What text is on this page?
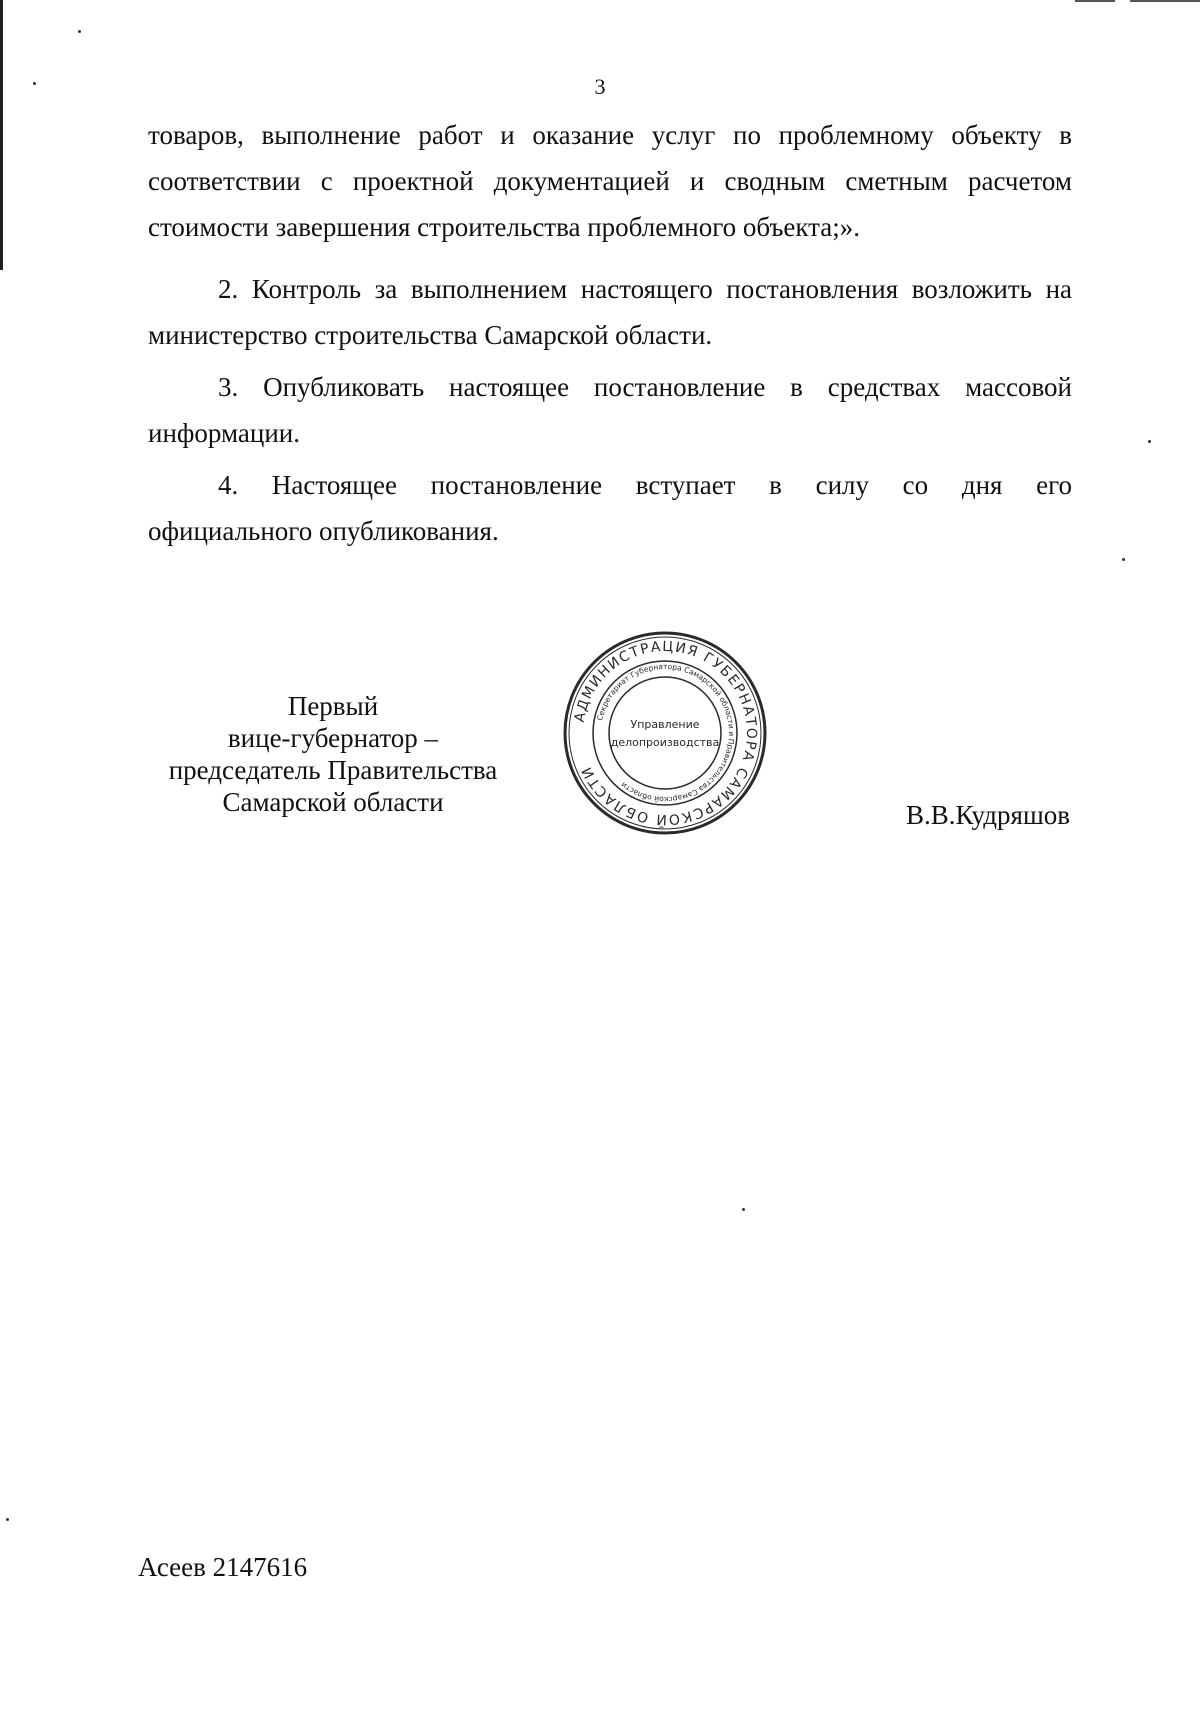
3
товаров, выполнение работ и оказание услуг по проблемному объекту в
соответствии с проектной документацией и сводным сметным расчетом
стоимости завершения строительства проблемного объекта;».
2. Контроль за выполнением настоящего постановления возложить на
министерство строительства Самарской области.
3. Опубликовать настоящее постановление в средствах массовой
информации.
4. Настоящее постановление вступает в силу со дня его
официального опубликования.
Первый
вице-губернатор –
председатель Правительства
Самарской области
АДМИНИСТРАЦИЯ ГУБЕРНАТОРА САМАРСКОЙ ОБЛАСТИ
Секретариат Губернатора Самарской области и Правительства Самарской области
Управление
делопроизводства
В.В.Кудряшов
Асеев 2147616
